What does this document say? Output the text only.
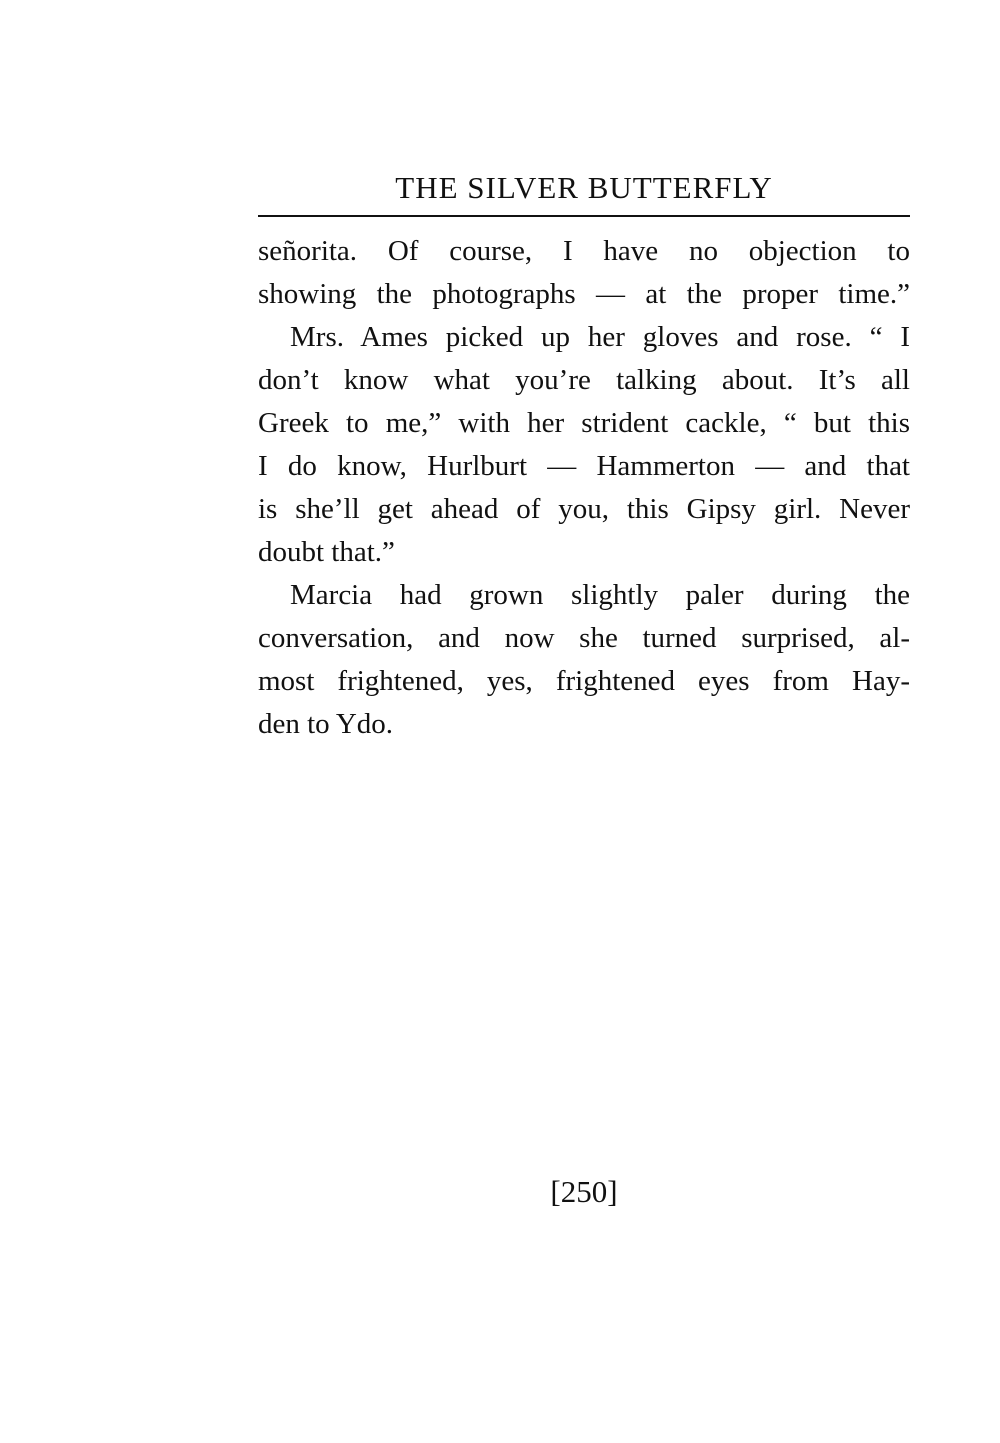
THE SILVER BUTTERFLY
señorita. Of course, I have no objection to
showing the photographs — at the proper time.”
Mrs. Ames picked up her gloves and rose. “ I
don’t know what you’re talking about. It’s all
Greek to me,” with her strident cackle, “ but this
I do know, Hurlburt — Hammerton — and that
is she’ll get ahead of you, this Gipsy girl. Never
doubt that.”
Marcia had grown slightly paler during the
conversation, and now she turned surprised, al-
most frightened, yes, frightened eyes from Hay-
den to Ydo.
[250]
